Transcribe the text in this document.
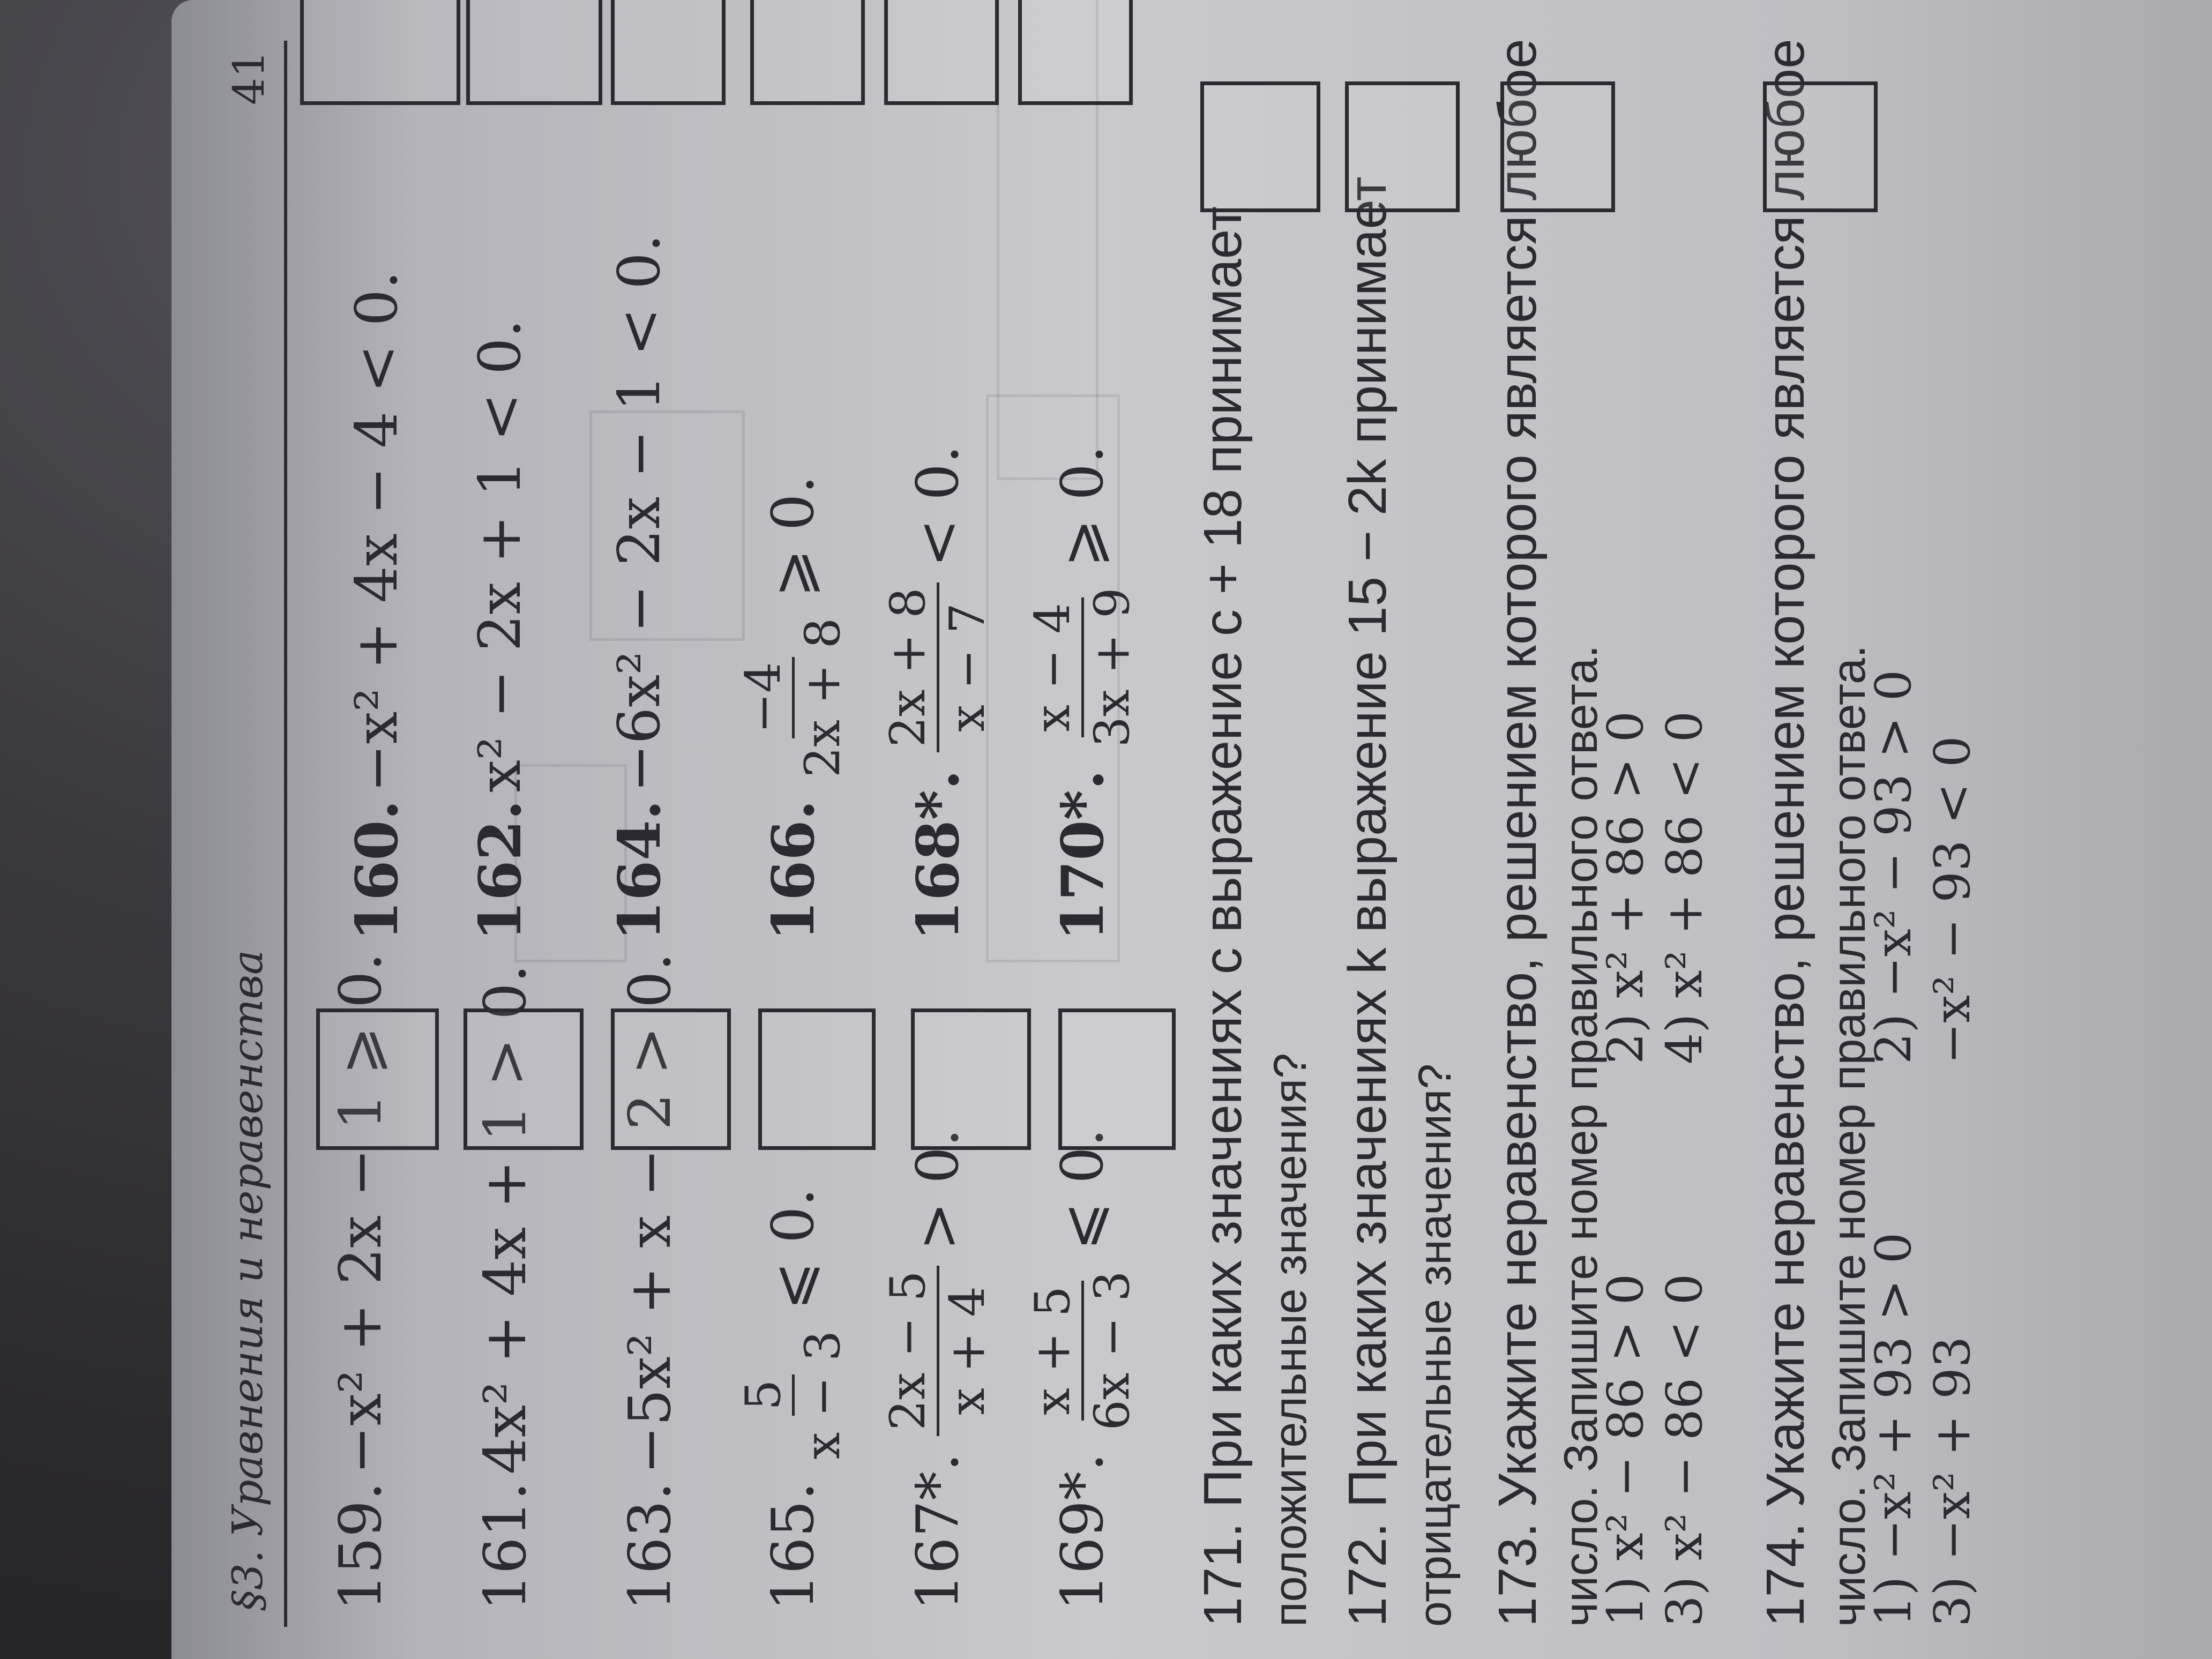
§3. Уравнения и неравенства
41
159.
−x² + 2x − 1 ⩾ 0.
160.
−x² + 4x − 4 < 0.
161.
4x² + 4x + 1 > 0.
162.
x² − 2x + 1 < 0.
163.
−5x² + x − 2 > 0.
164.
−6x² − 2x − 1 < 0.
165.
5 x − 3
⩽ 0.
166.
−4 2x + 8
⩾ 0.
167*.
2x − 5 x + 4
> 0.
168*.
2x + 8 x − 7
< 0.
169*.
x + 5 6x − 3
⩽ 0.
170*.
x − 4 3x + 9
⩾ 0. 171. При каких значениях c выражение c + 18 принимает положительные значения? 172. При каких значениях k выражение 15 − 2k принимает отрицательные значения? 173. Укажите неравенство, решением которого является любое число. Запишите номер правильного ответа.
1) x² − 86 > 0
2) x² + 86 > 0
3) x² − 86 < 0
4) x² + 86 < 0 174. Укажите неравенство, решением которого является любое число. Запишите номер правильного ответа.
1) −x² + 93 > 0
2) −x² − 93 > 0
3) −x² + 93
−x² − 93 < 0
